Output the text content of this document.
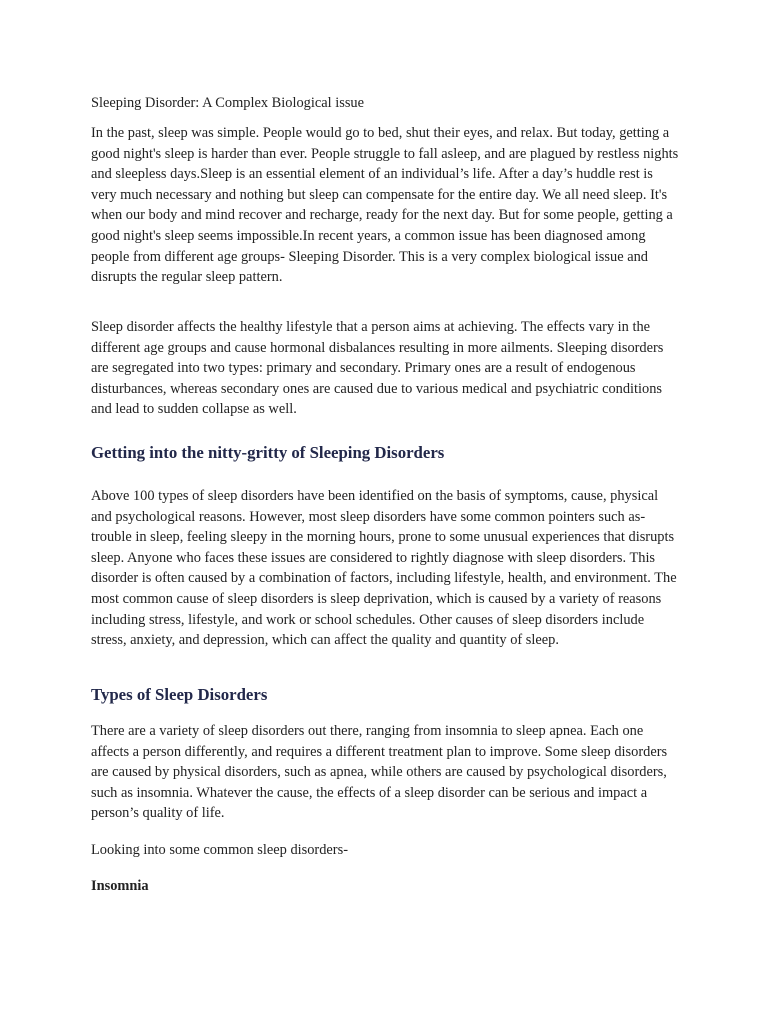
Sleeping Disorder: A Complex Biological issue

In the past, sleep was simple. People would go to bed, shut their eyes, and relax. But today, getting a good night's sleep is harder than ever. People struggle to fall asleep, and are plagued by restless nights and sleepless days.Sleep is an essential element of an individual’s life. After a day’s huddle rest is very much necessary and nothing but sleep can compensate for the entire day. We all need sleep. It's when our body and mind recover and recharge, ready for the next day. But for some people, getting a good night's sleep seems impossible.In recent years, a common issue has been diagnosed among people from different age groups- Sleeping Disorder. This is a very complex biological issue and disrupts the regular sleep pattern.

Sleep disorder affects the healthy lifestyle that a person aims at achieving. The effects vary in the different age groups and cause hormonal disbalances resulting in more ailments. Sleeping disorders are segregated into two types: primary and secondary. Primary ones are a result of endogenous disturbances, whereas secondary ones are caused due to various medical and psychiatric conditions and lead to sudden collapse as well.

Getting into the nitty-gritty of Sleeping Disorders

Above 100 types of sleep disorders have been identified on the basis of symptoms, cause, physical and psychological reasons. However, most sleep disorders have some common pointers such as- trouble in sleep, feeling sleepy in the morning hours, prone to some unusual experiences that disrupts sleep. Anyone who faces these issues are considered to rightly diagnose with sleep disorders. This disorder is often caused by a combination of factors, including lifestyle, health, and environment. The most common cause of sleep disorders is sleep deprivation, which is caused by a variety of reasons including stress, lifestyle, and work or school schedules. Other causes of sleep disorders include stress, anxiety, and depression, which can affect the quality and quantity of sleep.

Types of Sleep Disorders

There are a variety of sleep disorders out there, ranging from insomnia to sleep apnea. Each one affects a person differently, and requires a different treatment plan to improve. Some sleep disorders are caused by physical disorders, such as apnea, while others are caused by psychological disorders, such as insomnia. Whatever the cause, the effects of a sleep disorder can be serious and impact a person’s quality of life.

Looking into some common sleep disorders-

Insomnia
